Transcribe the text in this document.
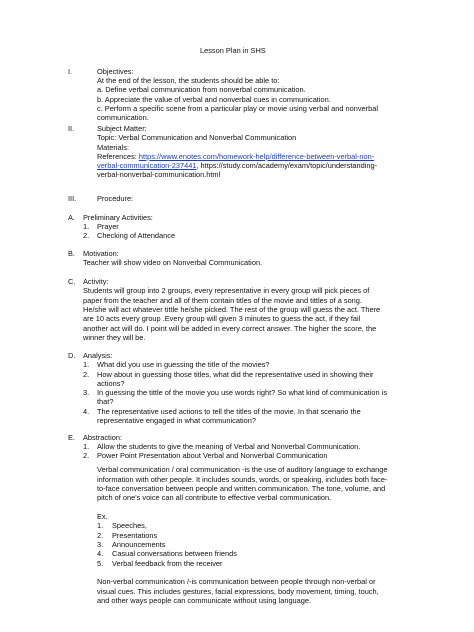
Lesson Plan in SHS
I.	Objectives:
At the end of the lesson, the students should be able to:
a. Define verbal communication from nonverbal communication.
b. Appreciate the value of verbal and nonverbal cues in communication.
c. Perform a specific scene from a particular play or movie using verbal and nonverbal
communication.
II.	Subject Matter:
Topic: Verbal Communication and Nonverbal Communication
Materials:
References: https://www.enotes.com/homework-help/difference-between-verbal-non-
verbal-communication-237441, https://study.com/academy/exam/topic/understanding-
verbal-nonverbal-communication.html
III.	Procedure:
A. Preliminary Activities:
1. Prayer
2. Checking of Attendance
B. Motivation:
Teacher will show video on Nonverbal Communication.
C. Activity:
Students will group into 2 groups, every representative in every group will pick pieces of
paper from the teacher and all of them contain titles of the movie and tittles of a song.
He/she will act whatever tittle he/she picked. The rest of the group will guess the act. There
are 10 acts every group .Every group will given 3 minutes to guess the act, if they fail
another act will do. I point will be added in every correct answer. The higher the score, the
winner they will be.
D. Analysis:
1. What did you use in guessing the title of the movies?
2. How about in guessing those titles, what did the representative used in showing their
actions?
3. In guessing the tittle of the movie you use words right? So what kind of communication is
that?
4. The representative used actions to tell the titles of the movie. In that scenario the
representative engaged in what communication?
E. Abstraction:
1. Allow the students to give the meaning of Verbal and Nonverbal Communication.
2. Power Point Presentation about Verbal and Nonverbal Communication
Verbal communication / oral communication -is the use of auditory language to exchange
information with other people. It includes sounds, words, or speaking, includes both face-
to-face conversation between people and written communication. The tone, volume, and
pitch of one's voice can all contribute to effective verbal communication.
Ex.
1. Speeches,
2. Presentations
3. Announcements
4. Casual conversations between friends
5. Verbal feedback from the receiver
Non-verbal communication /-is communication between people through non-verbal or
visual cues. This includes gestures, facial expressions, body movement, timing, touch,
and other ways people can communicate without using language.
